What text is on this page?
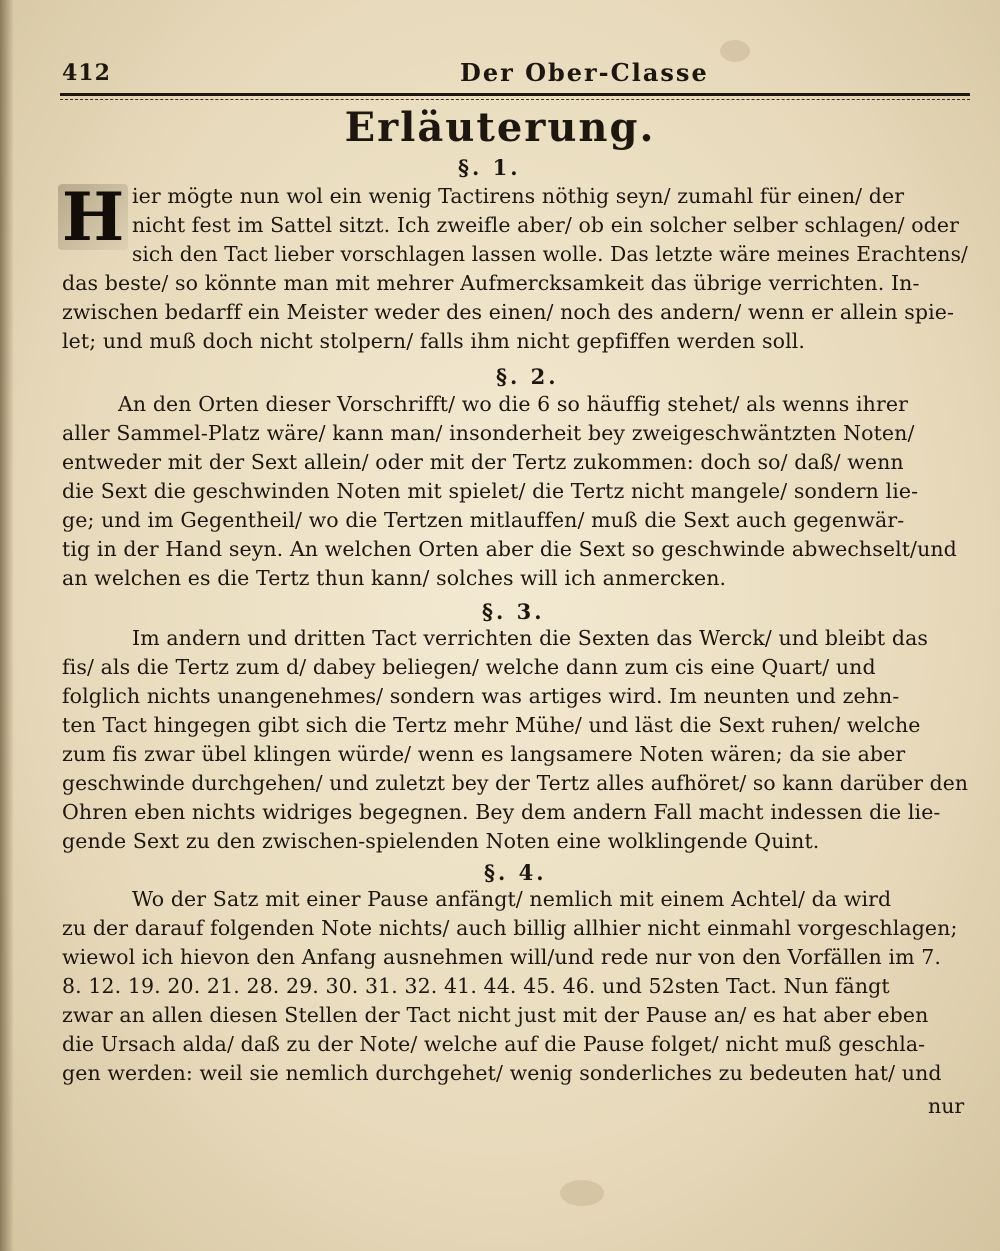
412	Der Ober-Classe
Erläuterung.
§. 1.
H ier mögte nun wol ein wenig Tactirens nöthig seyn/ zumahl für einen/ der
nicht fest im Sattel sitzt. Ich zweifle aber/ ob ein solcher selber schlagen/ oder
sich den Tact lieber vorschlagen lassen wolle. Das letzte wäre meines Erachtens/
das beste/ so könnte man mit mehrer Aufmercksamkeit das übrige verrichten. In-
zwischen bedarff ein Meister weder des einen/ noch des andern/ wenn er allein spie-
let; und muß doch nicht stolpern/ falls ihm nicht gepfiffen werden soll.
§. 2.
An den Orten dieser Vorschrifft/ wo die 6 so häuffig stehet/ als wenns ihrer
aller Sammel-Platz wäre/ kann man/ insonderheit bey zweigeschwäntzten Noten/
entweder mit der Sext allein/ oder mit der Tertz zukommen: doch so/ daß/ wenn
die Sext die geschwinden Noten mit spielet/ die Tertz nicht mangele/ sondern lie-
ge; und im Gegentheil/ wo die Tertzen mitlauffen/ muß die Sext auch gegenwär-
tig in der Hand seyn. An welchen Orten aber die Sext so geschwinde abwechselt/und
an welchen es die Tertz thun kann/ solches will ich anmercken.
§. 3.
Im andern und dritten Tact verrichten die Sexten das Werck/ und bleibt das
fis/ als die Tertz zum d/ dabey beliegen/ welche dann zum cis eine Quart/ und
folglich nichts unangenehmes/ sondern was artiges wird. Im neunten und zehn-
ten Tact hingegen gibt sich die Tertz mehr Mühe/ und läst die Sext ruhen/ welche
zum fis zwar übel klingen würde/ wenn es langsamere Noten wären; da sie aber
geschwinde durchgehen/ und zuletzt bey der Tertz alles aufhöret/ so kann darüber den
Ohren eben nichts widriges begegnen. Bey dem andern Fall macht indessen die lie-
gende Sext zu den zwischen-spielenden Noten eine wolklingende Quint.
§. 4.
Wo der Satz mit einer Pause anfängt/ nemlich mit einem Achtel/ da wird
zu der darauf folgenden Note nichts/ auch billig allhier nicht einmahl vorgeschlagen;
wiewol ich hievon den Anfang ausnehmen will/und rede nur von den Vorfällen im 7.
8. 12. 19. 20. 21. 28. 29. 30. 31. 32. 41. 44. 45. 46. und 52sten Tact. Nun fängt
zwar an allen diesen Stellen der Tact nicht just mit der Pause an/ es hat aber eben
die Ursach alda/ daß zu der Note/ welche auf die Pause folget/ nicht muß geschla-
gen werden: weil sie nemlich durchgehet/ wenig sonderliches zu bedeuten hat/ und
nur
